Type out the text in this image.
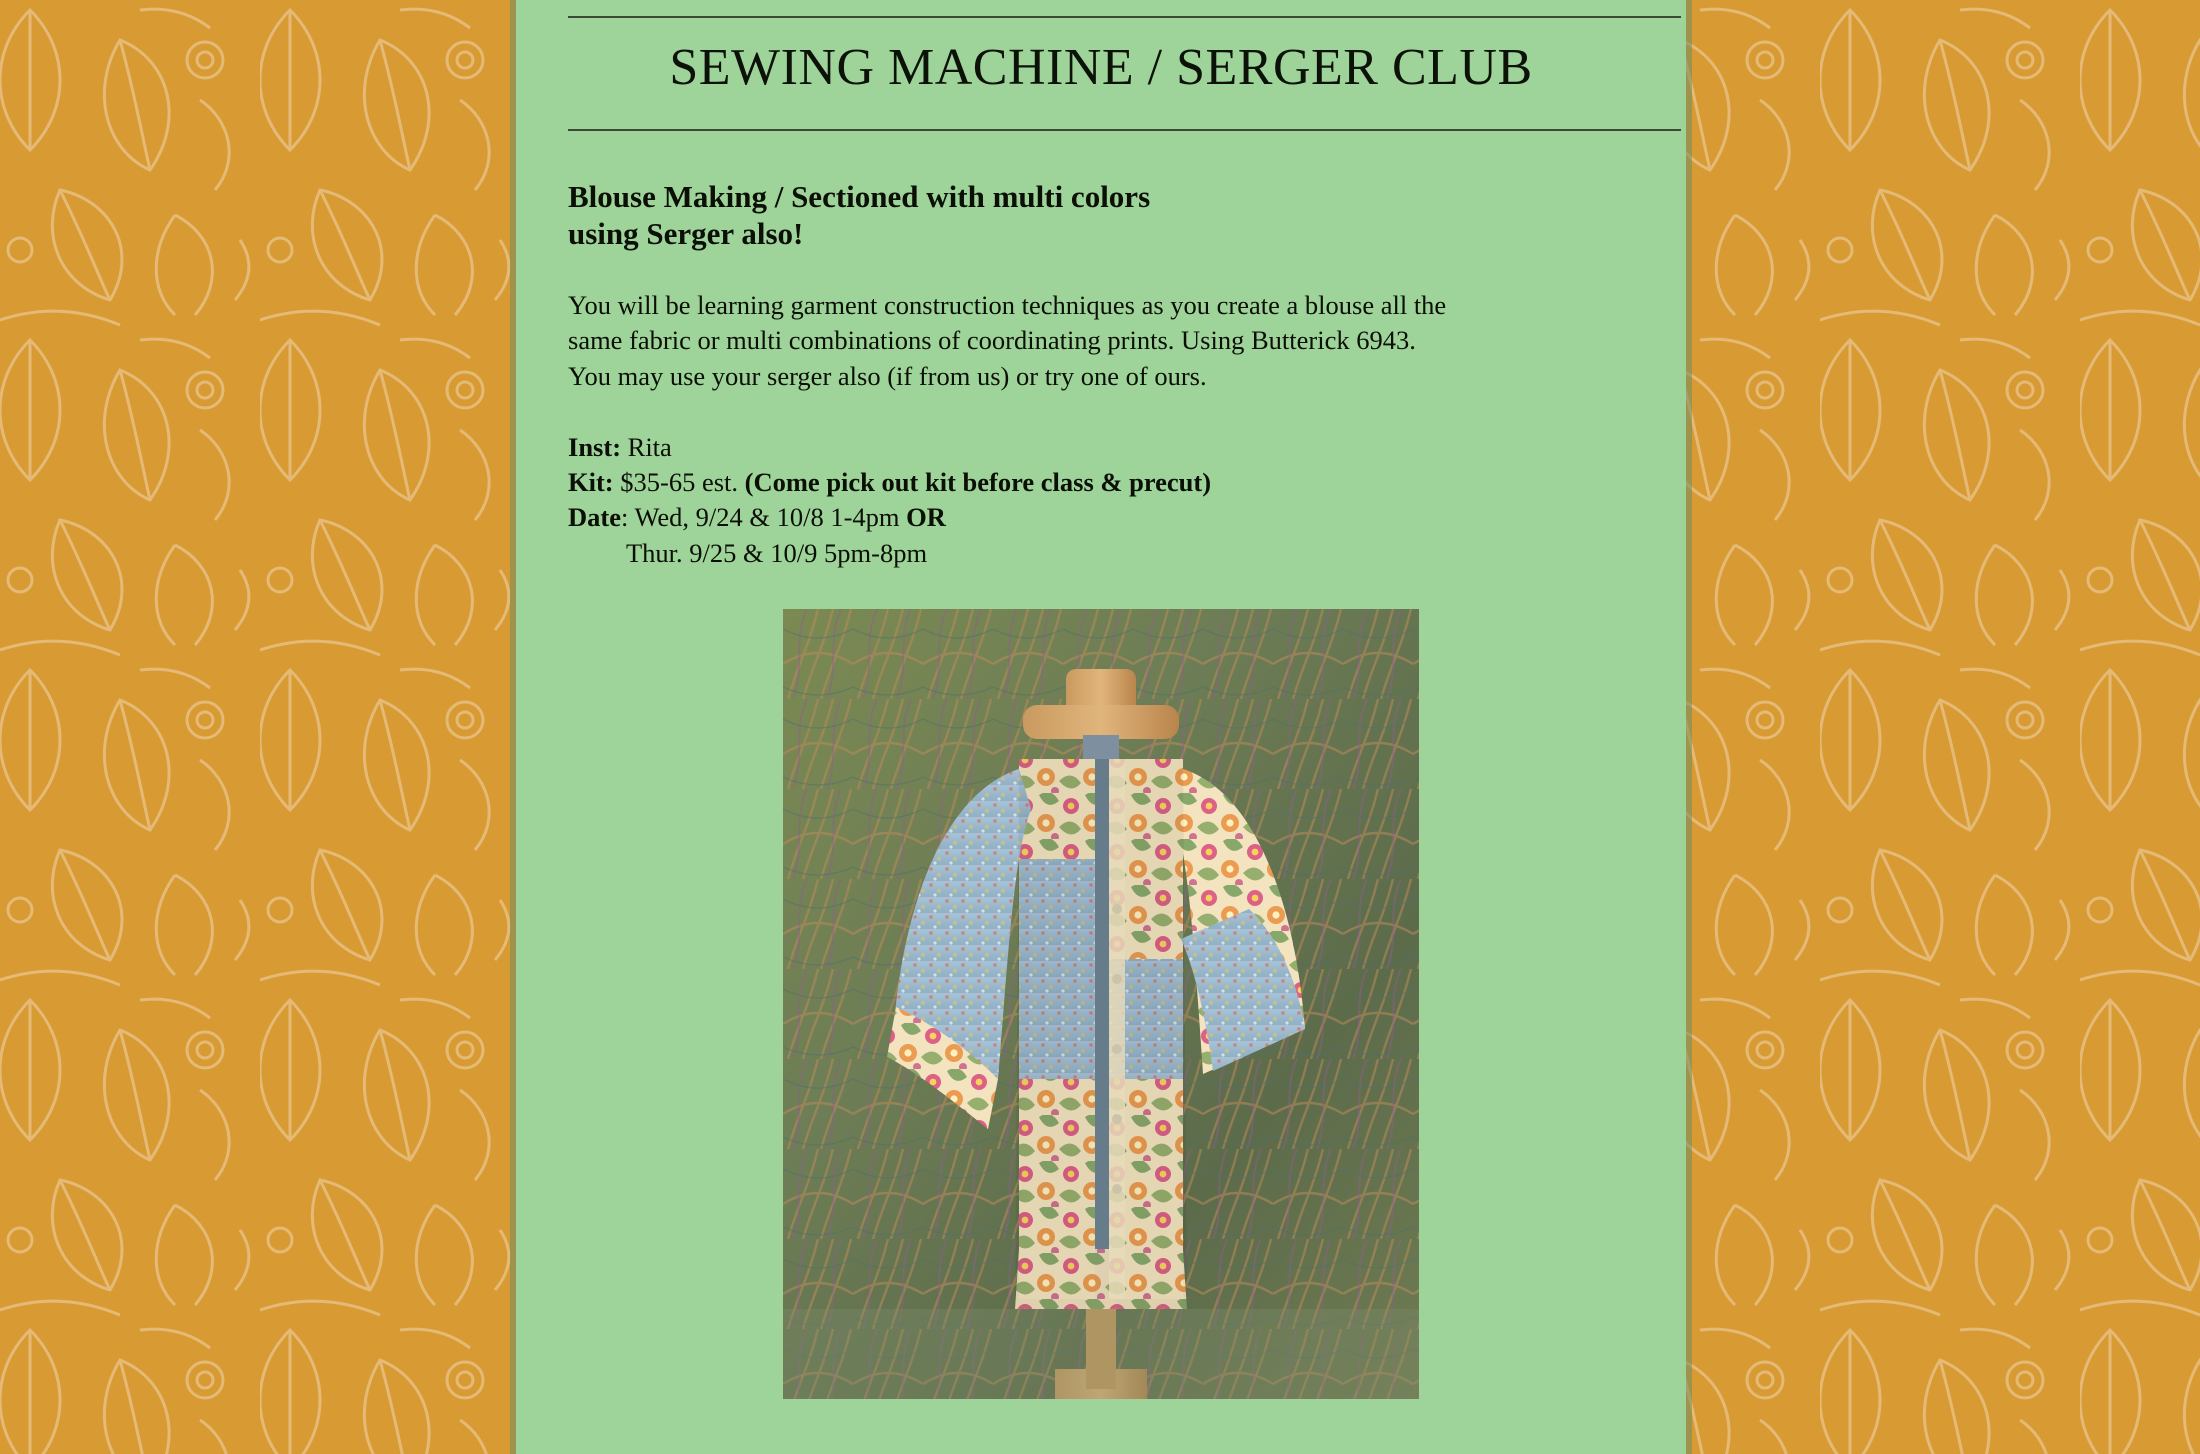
SEWING MACHINE / SERGER CLUB
Blouse Making / Sectioned with multi colors
using Serger also!
You will be learning garment construction techniques as you create a blouse all the
same fabric or multi combinations of coordinating prints. Using Butterick 6943.
You may use your serger also (if from us) or try one of ours.
Inst: Rita
Kit: $35-65 est. (Come pick out kit before class & precut)
Date: Wed, 9/24 & 10/8 1-4pm OR
Thur. 9/25 & 10/9 5pm-8pm
